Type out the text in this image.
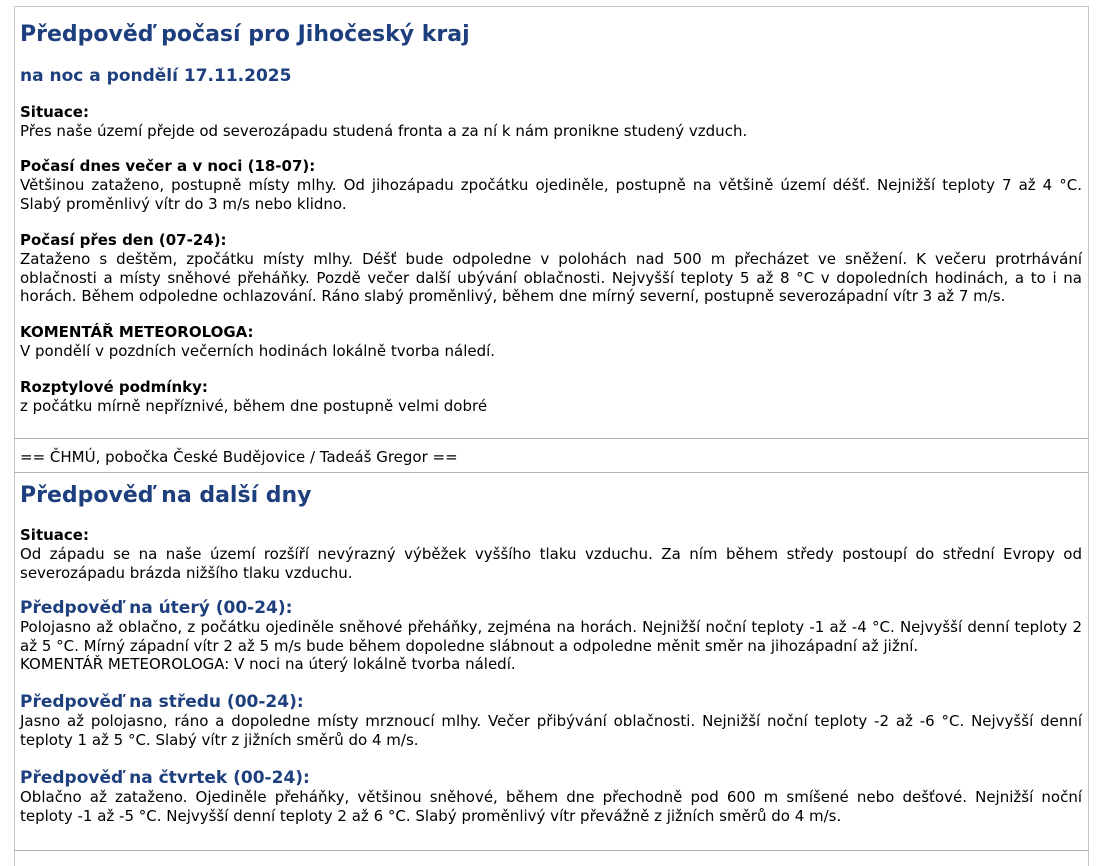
Předpověď počasí pro Jihočeský kraj
na noc a pondělí 17.11.2025

Situace:

Přes naše území přejde od severozápadu studená fronta a za ní k nám pronikne studený vzduch.

Počasí dnes večer a v noci (18-07):

Většinou zataženo, postupně místy mlhy. Od jihozápadu zpočátku ojediněle, postupně na většině území déšť. Nejnižší teploty 7 až 4 °C. Slabý proměnlivý vítr do 3 m/s nebo klidno.

Počasí přes den (07-24):

Zataženo s deštěm, zpočátku místy mlhy. Déšť bude odpoledne v polohách nad 500 m přecházet ve sněžení. K večeru protrhávání oblačnosti a místy sněhové přeháňky. Pozdě večer další ubývání oblačnosti. Nejvyšší teploty 5 až 8 °C v dopoledních hodinách, a to i na horách. Během odpoledne ochlazování. Ráno slabý proměnlivý, během dne mírný severní, postupně severozápadní vítr 3 až 7 m/s.

KOMENTÁŘ METEOROLOGA:

V pondělí v pozdních večerních hodinách lokálně tvorba náledí.

Rozptylové podmínky:

z počátku mírně nepříznivé, během dne postupně velmi dobré

== ČHMÚ, pobočka České Budějovice / Tadeáš Gregor ==
Předpověď na další dny

Situace:

Od západu se na naše území rozšíří nevýrazný výběžek vyššího tlaku vzduchu. Za ním během středy postoupí do střední Evropy od severozápadu brázda nižšího tlaku vzduchu.

Předpověď na úterý (00-24):

Polojasno až oblačno, z počátku ojediněle sněhové přeháňky, zejména na horách. Nejnižší noční teploty -1 až -4 °C. Nejvyšší denní teploty 2 až 5 °C. Mírný západní vítr 2 až 5 m/s bude během dopoledne slábnout a odpoledne měnit směr na jihozápadní až jižní.

KOMENTÁŘ METEOROLOGA: V noci na úterý lokálně tvorba náledí.

Předpověď na středu (00-24):

Jasno až polojasno, ráno a dopoledne místy mrznoucí mlhy. Večer přibývání oblačnosti. Nejnižší noční teploty -2 až -6 °C. Nejvyšší denní teploty 1 až 5 °C. Slabý vítr z jižních směrů do 4 m/s.

Předpověď na čtvrtek (00-24):

Oblačno až zataženo. Ojediněle přeháňky, většinou sněhové, během dne přechodně pod 600 m smíšené nebo dešťové. Nejnižší noční teploty -1 až -5 °C. Nejvyšší denní teploty 2 až 6 °C. Slabý proměnlivý vítr převážně z jižních směrů do 4 m/s.
